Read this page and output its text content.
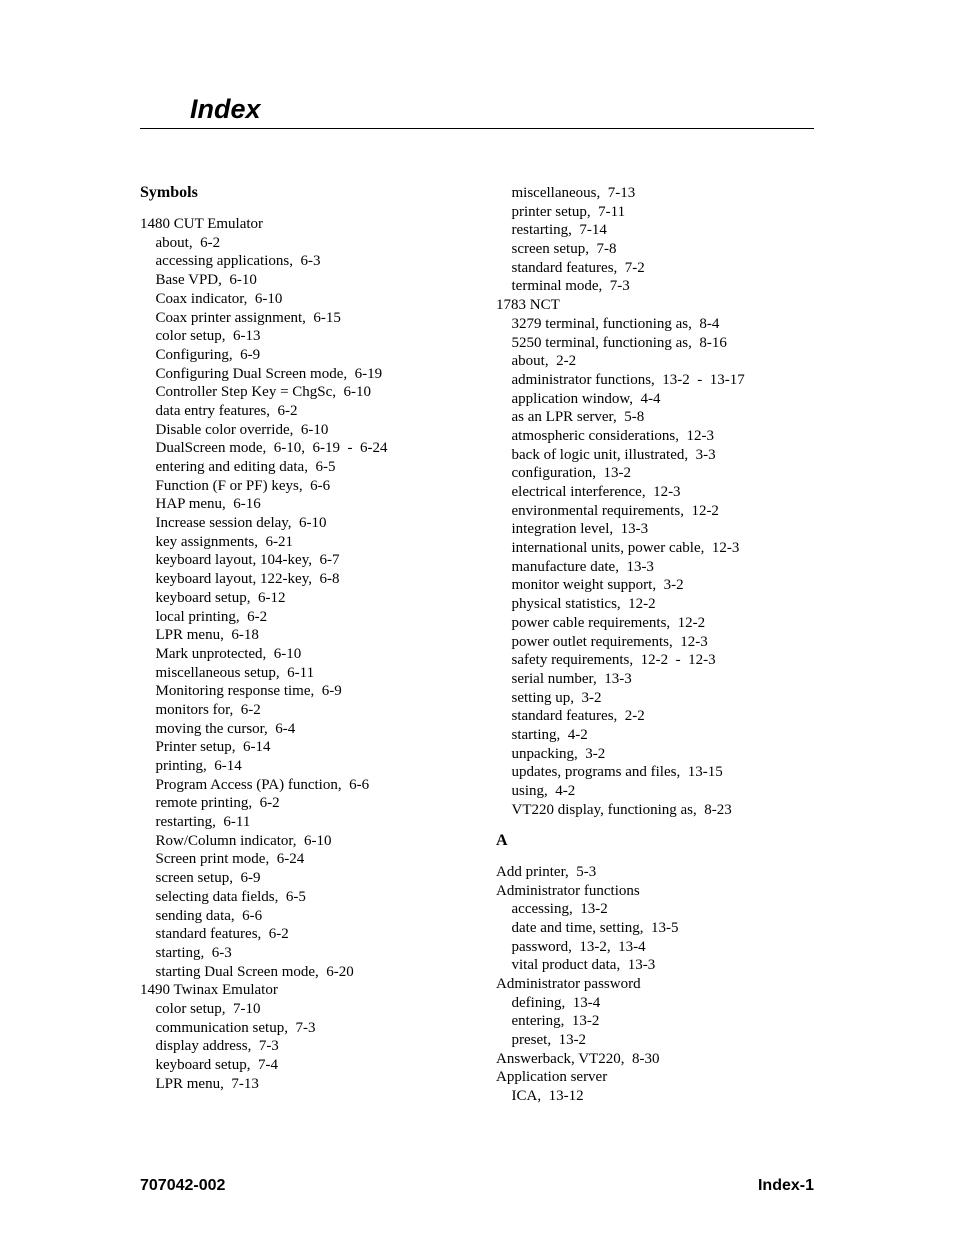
Index
Symbols
1480 CUT Emulator
about,  6-2
accessing applications,  6-3
Base VPD,  6-10
Coax indicator,  6-10
Coax printer assignment,  6-15
color setup,  6-13
Configuring,  6-9
Configuring Dual Screen mode,  6-19
Controller Step Key = ChgSc,  6-10
data entry features,  6-2
Disable color override,  6-10
DualScreen mode,  6-10,  6-19  -  6-24
entering and editing data,  6-5
Function (F or PF) keys,  6-6
HAP menu,  6-16
Increase session delay,  6-10
key assignments,  6-21
keyboard layout, 104-key,  6-7
keyboard layout, 122-key,  6-8
keyboard setup,  6-12
local printing,  6-2
LPR menu,  6-18
Mark unprotected,  6-10
miscellaneous setup,  6-11
Monitoring response time,  6-9
monitors for,  6-2
moving the cursor,  6-4
Printer setup,  6-14
printing,  6-14
Program Access (PA) function,  6-6
remote printing,  6-2
restarting,  6-11
Row/Column indicator,  6-10
Screen print mode,  6-24
screen setup,  6-9
selecting data fields,  6-5
sending data,  6-6
standard features,  6-2
starting,  6-3
starting Dual Screen mode,  6-20
1490 Twinax Emulator
color setup,  7-10
communication setup,  7-3
display address,  7-3
keyboard setup,  7-4
LPR menu,  7-13
miscellaneous,  7-13
printer setup,  7-11
restarting,  7-14
screen setup,  7-8
standard features,  7-2
terminal mode,  7-3
1783 NCT
3279 terminal, functioning as,  8-4
5250 terminal, functioning as,  8-16
about,  2-2
administrator functions,  13-2  -  13-17
application window,  4-4
as an LPR server,  5-8
atmospheric considerations,  12-3
back of logic unit, illustrated,  3-3
configuration,  13-2
electrical interference,  12-3
environmental requirements,  12-2
integration level,  13-3
international units, power cable,  12-3
manufacture date,  13-3
monitor weight support,  3-2
physical statistics,  12-2
power cable requirements,  12-2
power outlet requirements,  12-3
safety requirements,  12-2  -  12-3
serial number,  13-3
setting up,  3-2
standard features,  2-2
starting,  4-2
unpacking,  3-2
updates, programs and files,  13-15
using,  4-2
VT220 display, functioning as,  8-23
A
Add printer,  5-3
Administrator functions
accessing,  13-2
date and time, setting,  13-5
password,  13-2,  13-4
vital product data,  13-3
Administrator password
defining,  13-4
entering,  13-2
preset,  13-2
Answerback, VT220,  8-30
Application server
ICA,  13-12
707042-002	Index-1
